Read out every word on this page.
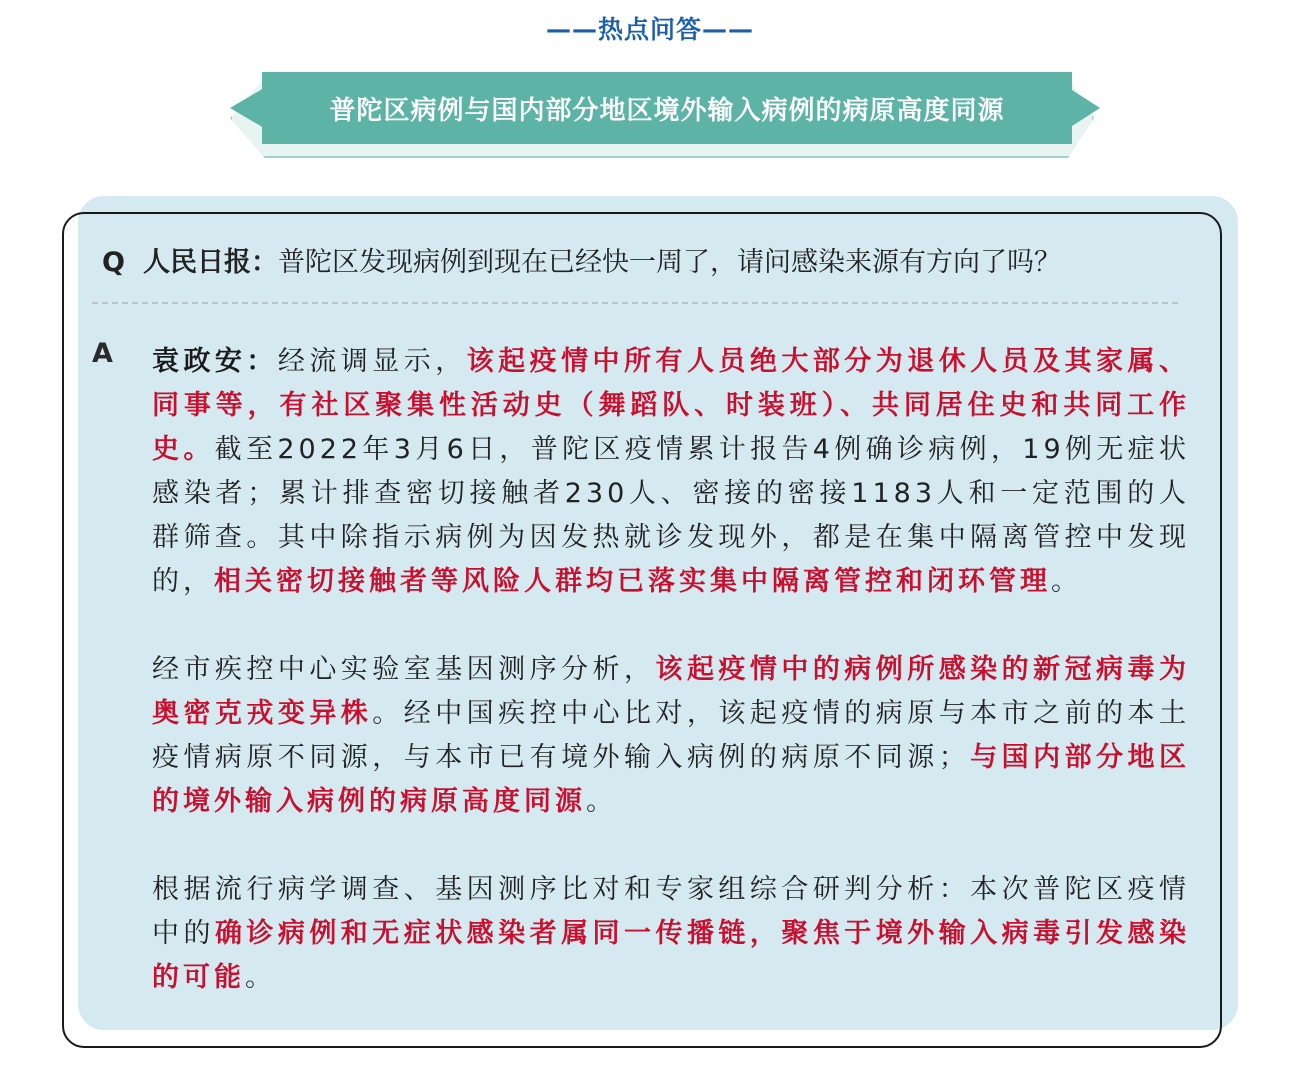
——热点问答——
普陀区病例与国内部分地区境外输入病例的病原高度同源
Q 人民日报：普陀区发现病例到现在已经快一周了，请问感染来源有方向了吗？
A 袁政安：经流调显示，该起疫情中所有人员绝大部分为退休人员及其家属、同事等，有社区聚集性活动史（舞蹈队、时装班）、共同居住史和共同工作史。截至2022年3月6日，普陀区疫情累计报告4例确诊病例，19例无症状感染者；累计排查密切接触者230人、密接的密接1183人和一定范围的人群筛查。其中除指示病例为因发热就诊发现外，都是在集中隔离管控中发现的，相关密切接触者等风险人群均已落实集中隔离管控和闭环管理。
经市疾控中心实验室基因测序分析，该起疫情中的病例所感染的新冠病毒为奥密克戎变异株。经中国疾控中心比对，该起疫情的病原与本市之前的本土疫情病原不同源，与本市已有境外输入病例的病原不同源；与国内部分地区的境外输入病例的病原高度同源。
根据流行病学调查、基因测序比对和专家组综合研判分析：本次普陀区疫情中的确诊病例和无症状感染者属同一传播链，聚焦于境外输入病毒引发感染的可能。
